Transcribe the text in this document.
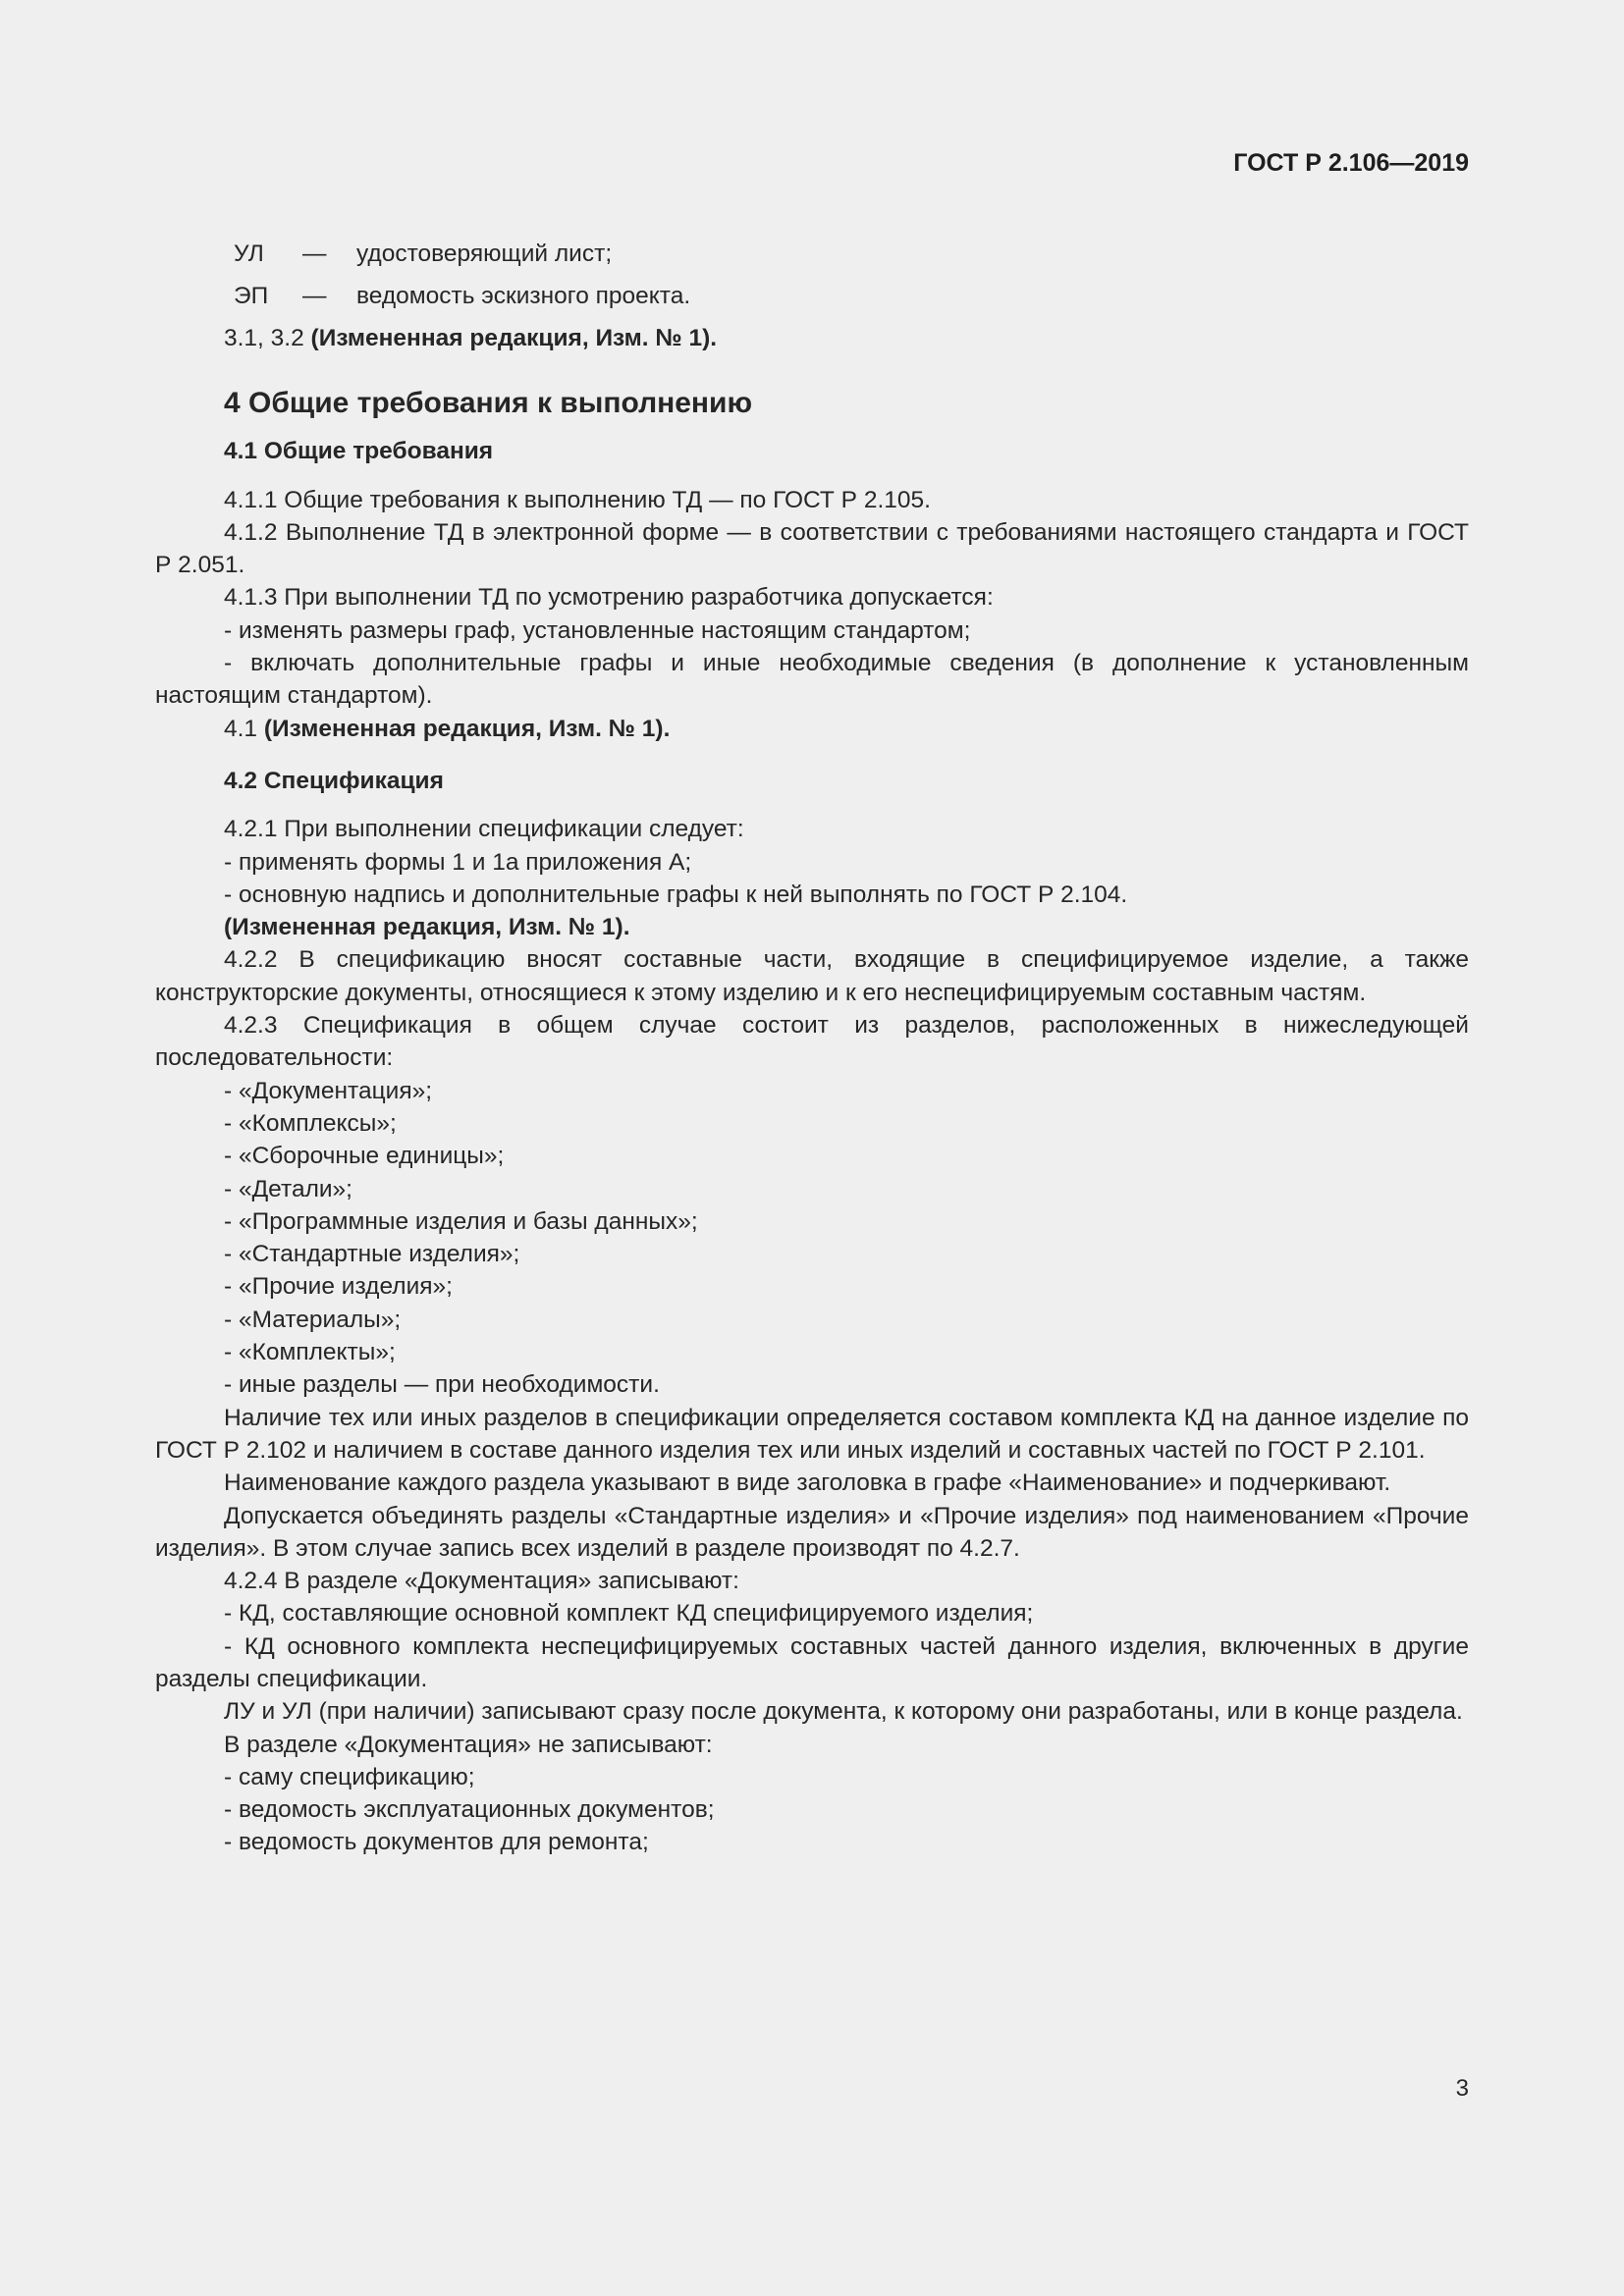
ГОСТ Р 2.106—2019
УЛ	—	удостоверяющий лист;
ЭП	—	ведомость эскизного проекта.

3.1, 3.2 (Измененная редакция, Изм. № 1).

4 Общие требования к выполнению
4.1 Общие требования

4.1.1 Общие требования к выполнению ТД — по ГОСТ Р 2.105.

4.1.2 Выполнение ТД в электронной форме — в соответствии с требованиями настоящего стандарта и ГОСТ Р 2.051.

4.1.3 При выполнении ТД по усмотрению разработчика допускается:

- изменять размеры граф, установленные настоящим стандартом;

- включать дополнительные графы и иные необходимые сведения (в дополнение к установленным настоящим стандартом).

4.1 (Измененная редакция, Изм. № 1).

4.2 Спецификация

4.2.1 При выполнении спецификации следует:

- применять формы 1 и 1а приложения А;

- основную надпись и дополнительные графы к ней выполнять по ГОСТ Р 2.104.

(Измененная редакция, Изм. № 1).

4.2.2 В спецификацию вносят составные части, входящие в специфицируемое изделие, а также конструкторские документы, относящиеся к этому изделию и к его неспецифицируемым составным частям.

4.2.3 Спецификация в общем случае состоит из разделов, расположенных в нижеследующей последовательности:

- «Документация»;

- «Комплексы»;

- «Сборочные единицы»;

- «Детали»;

- «Программные изделия и базы данных»;

- «Стандартные изделия»;

- «Прочие изделия»;

- «Материалы»;

- «Комплекты»;

- иные разделы — при необходимости.

Наличие тех или иных разделов в спецификации определяется составом комплекта КД на данное изделие по ГОСТ Р 2.102 и наличием в составе данного изделия тех или иных изделий и составных частей по ГОСТ Р 2.101.

Наименование каждого раздела указывают в виде заголовка в графе «Наименование» и подчеркивают.

Допускается объединять разделы «Стандартные изделия» и «Прочие изделия» под наименованием «Прочие изделия». В этом случае запись всех изделий в разделе производят по 4.2.7.

4.2.4 В разделе «Документация» записывают:

- КД, составляющие основной комплект КД специфицируемого изделия;

- КД основного комплекта неспецифицируемых составных частей данного изделия, включенных в другие разделы спецификации.

ЛУ и УЛ (при наличии) записывают сразу после документа, к которому они разработаны, или в конце раздела.

В разделе «Документация» не записывают:

- саму спецификацию;

- ведомость эксплуатационных документов;

- ведомость документов для ремонта;

3
